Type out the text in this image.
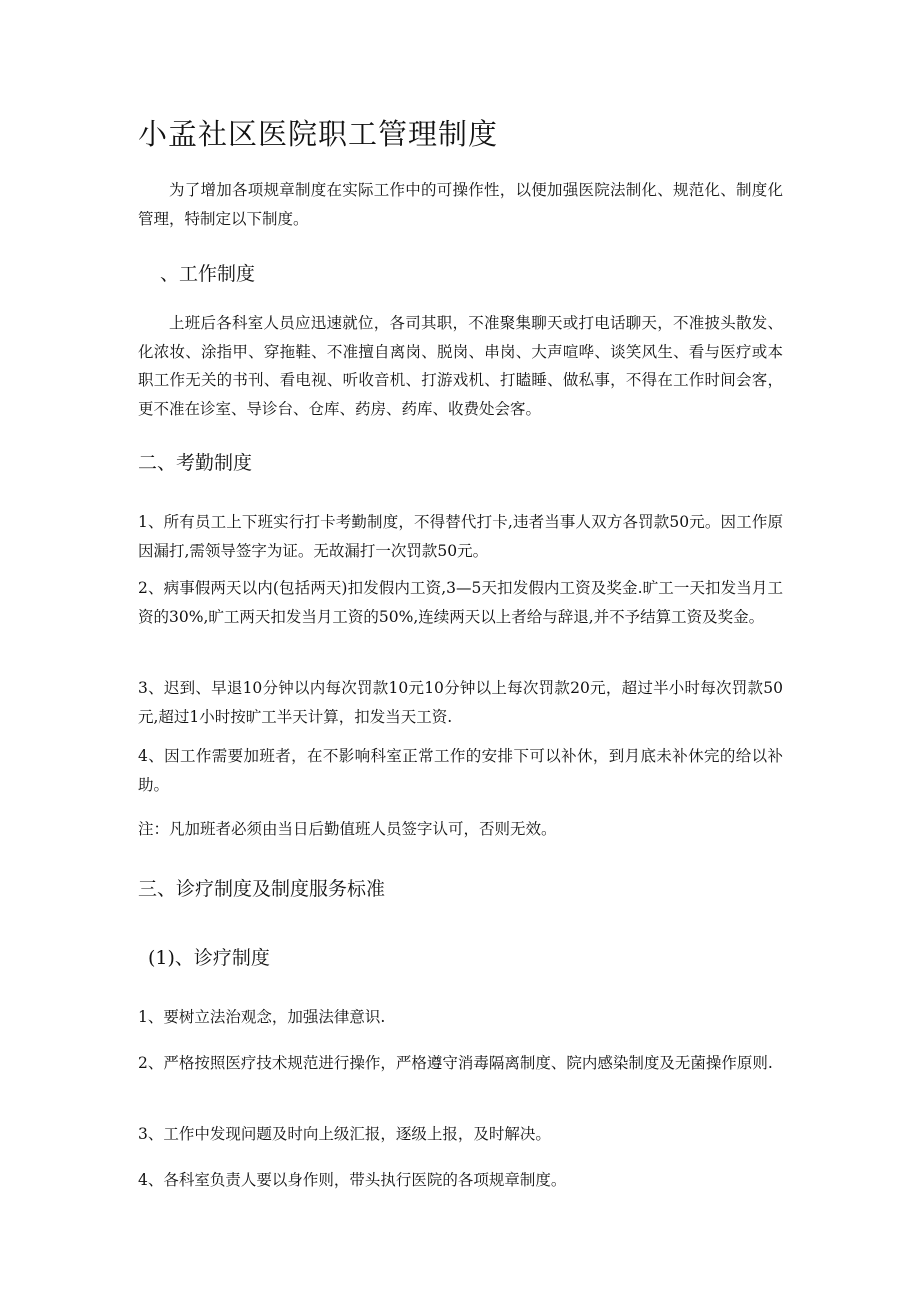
小孟社区医院职工管理制度

为了增加各项规章制度在实际工作中的可操作性，以便加强医院法制化、规范化、制度化管理，特制定以下制度。

、工作制度

上班后各科室人员应迅速就位，各司其职，不准聚集聊天或打电话聊天，不准披头散发、化浓妆、涂指甲、穿拖鞋、不准擅自离岗、脱岗、串岗、大声喧哗、谈笑风生、看与医疗或本职工作无关的书刊、看电视、听收音机、打游戏机、打瞌睡、做私事，不得在工作时间会客，更不准在诊室、导诊台、仓库、药房、药库、收费处会客。

二、考勤制度

1、所有员工上下班实行打卡考勤制度，不得替代打卡,违者当事人双方各罚款50元。因工作原因漏打,需领导签字为证。无故漏打一次罚款50元。

2、病事假两天以内(包括两天)扣发假内工资,3—5天扣发假内工资及奖金.旷工一天扣发当月工资的30%,旷工两天扣发当月工资的50%,连续两天以上者给与辞退,并不予结算工资及奖金。

3、迟到、早退10分钟以内每次罚款10元10分钟以上每次罚款20元，超过半小时每次罚款50元,超过1小时按旷工半天计算，扣发当天工资.

4、因工作需要加班者，在不影响科室正常工作的安排下可以补休，到月底未补休完的给以补助。

注：凡加班者必须由当日后勤值班人员签字认可，否则无效。

三、诊疗制度及制度服务标准
(1)、诊疗制度

1、要树立法治观念，加强法律意识.

2、严格按照医疗技术规范进行操作，严格遵守消毒隔离制度、院内感染制度及无菌操作原则.

3、工作中发现问题及时向上级汇报，逐级上报，及时解决。

4、各科室负责人要以身作则，带头执行医院的各项规章制度。
